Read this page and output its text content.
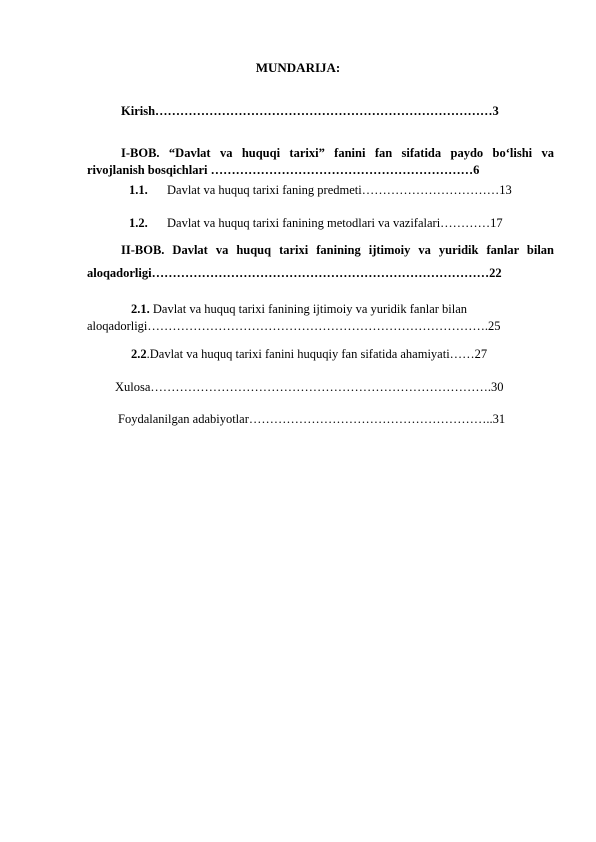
MUNDARIJA:
Kirish………………………………………………………………………3
I-BOB. “Davlat va huquqi tarixi” fanini fan sifatida paydo bo‘lishi va
rivojlanish bosqichlari ………………………………………………………6
1.1. Davlat va huquq tarixi faning predmeti……………………………13
1.2. Davlat va huquq tarixi fanining metodlari va vazifalari…………17
II-BOB. Davlat va huquq tarixi fanining ijtimoiy va yuridik fanlar bilan
aloqadorligi………………………………………………………………………22
2.1. Davlat va huquq tarixi fanining ijtimoiy va yuridik fanlar bilan
aloqadorligi……………………………………………………………………….25
2.2.Davlat va huquq tarixi fanini huquqiy fan sifatida ahamiyati……27
Xulosa……………………………………………………………………….30
Foydalanilgan adabiyotlar…………………………………………………..31
